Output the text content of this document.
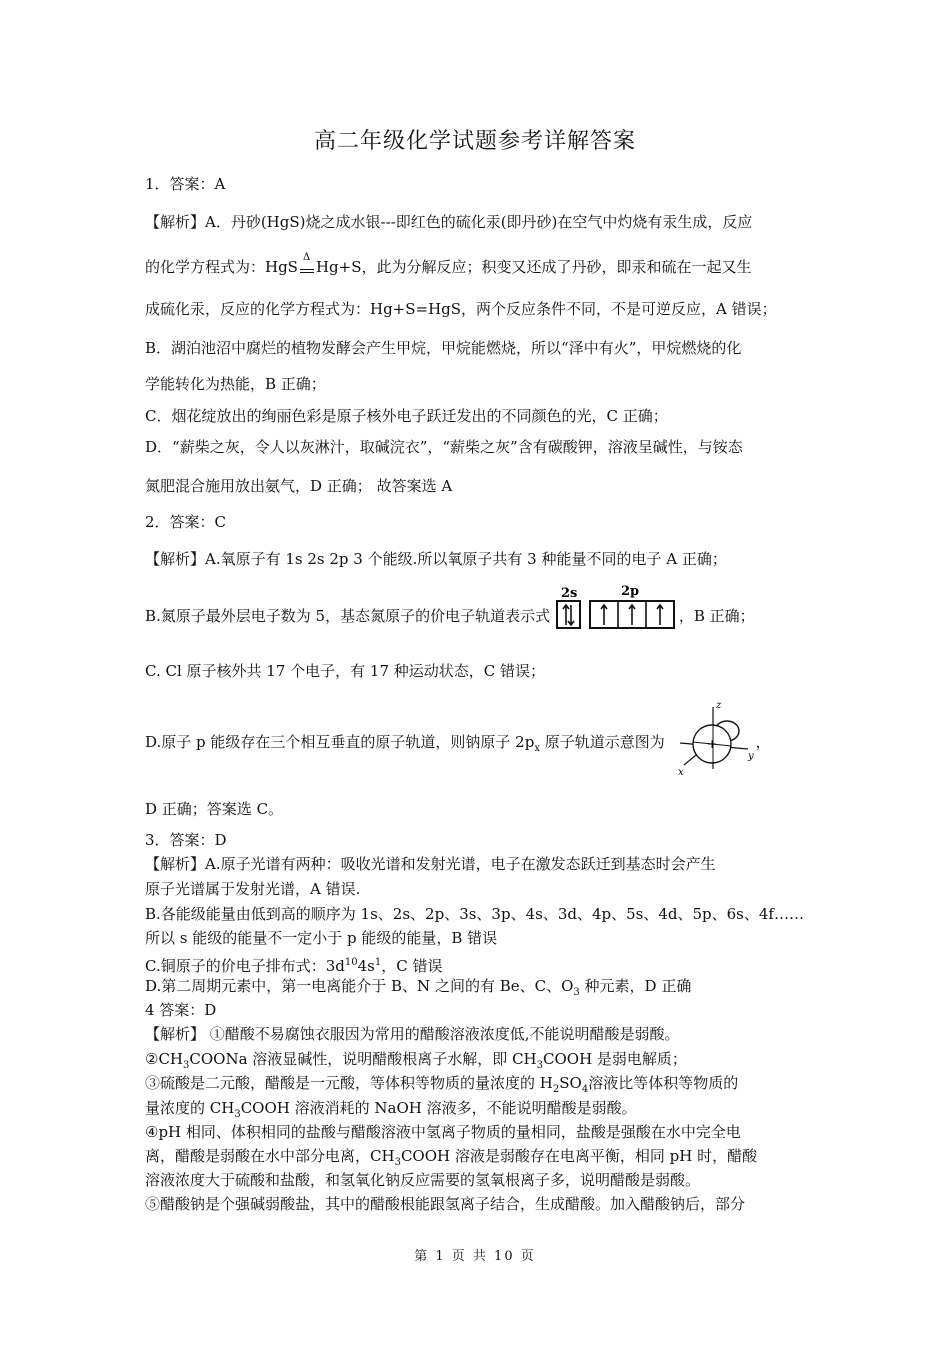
高二年级化学试题参考详解答案
1．答案：A
【解析】A．丹砂(HgS)烧之成水银---即红色的硫化汞(即丹砂)在空气中灼烧有汞生成，反应
的化学方程式为：HgS
Δ
Hg+S，此为分解反应；积变又还成了丹砂，即汞和硫在一起又生
成硫化汞，反应的化学方程式为：Hg+S=HgS，两个反应条件不同，不是可逆反应，A 错误；
B．湖泊池沼中腐烂的植物发酵会产生甲烷，甲烷能燃烧，所以“泽中有火”，甲烷燃烧的化
学能转化为热能，B 正确；
C．烟花绽放出的绚丽色彩是原子核外电子跃迁发出的不同颜色的光，C 正确；
D．“薪柴之灰，令人以灰淋汁，取碱浣衣”，“薪柴之灰”含有碳酸钾，溶液呈碱性，与铵态
氮肥混合施用放出氨气，D 正确； 故答案选 A
2．答案：C
【解析】A.氧原子有 1s 2s 2p 3 个能级.所以氧原子共有 3 种能量不同的电子 A 正确；
B.氮原子最外层电子数为 5，基态氮原子的价电子轨道表示式
2s	2p
，B 正确；
C. Cl 原子核外共 17 个电子，有 17 种运动状态，C 错误；
D.原子 p 能级存在三个相互垂直的原子轨道，则钠原子 $2p_x$ 原子轨道示意图为	+
z
x
y
，
D 正确；答案选 C。
3．答案：D
【解析】A.原子光谱有两种：吸收光谱和发射光谱，电子在激发态跃迁到基态时会产生
原子光谱属于发射光谱，A 错误.
B.各能级能量由低到高的顺序为 1s、2s、2p、3s、3p、4s、3d、4p、5s、4d、5p、6s、4f……
所以 s 能级的能量不一定小于 p 能级的能量，B 错误
C.铜原子的价电子排布式：$3d^{10}4s^1$，C 错误
D.第二周期元素中，第一电离能介于 B、N 之间的有 Be、C、$O_3$ 种元素，D 正确
4 答案：D
【解析】 ①醋酸不易腐蚀衣服因为常用的醋酸溶液浓度低,不能说明醋酸是弱酸。
$②CH_3COONa$ 溶液显碱性，说明醋酸根离子水解，即 $CH_3COOH$ 是弱电解质；
③硫酸是二元酸，醋酸是一元酸，等体积等物质的量浓度的 $H_2SO_4$溶液比等体积等物质的
量浓度的 $CH_3COOH$ 溶液消耗的 NaOH 溶液多，不能说明醋酸是弱酸。
④pH 相同、体积相同的盐酸与醋酸溶液中氢离子物质的量相同，盐酸是强酸在水中完全电
离，醋酸是弱酸在水中部分电离，$CH_3COOH$ 溶液是弱酸存在电离平衡，相同 pH 时，醋酸
溶液浓度大于硫酸和盐酸，和氢氧化钠反应需要的氢氧根离子多，说明醋酸是弱酸。
⑤醋酸钠是个强碱弱酸盐，其中的醋酸根能跟氢离子结合，生成醋酸。加入醋酸钠后，部分
第 1 页 共 10 页
